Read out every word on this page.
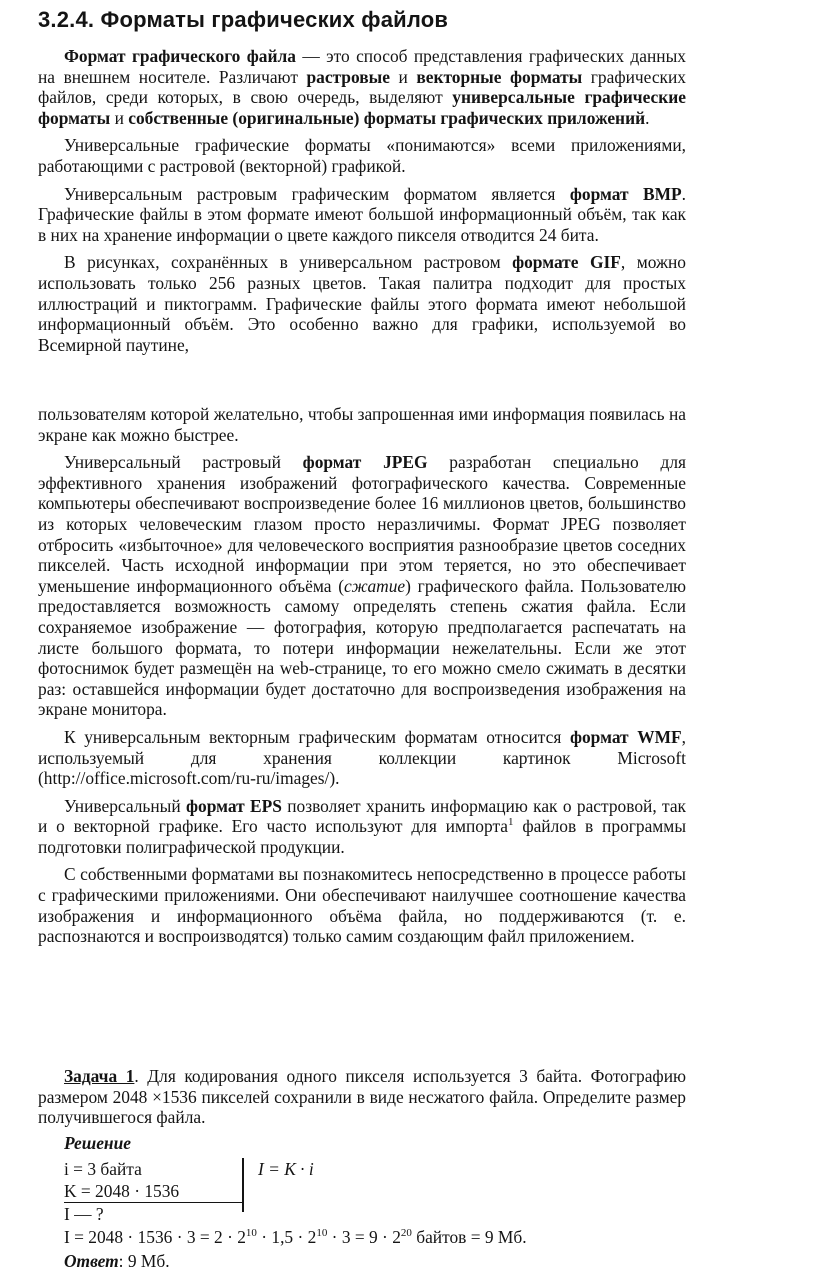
3.2.4. Форматы графических файлов

Формат графического файла — это способ представления графических данных на внешнем носителе. Различают растровые и векторные форматы графических файлов, среди которых, в свою очередь, выделяют универсальные графические форматы и собственные (оригинальные) форматы графических приложений.

Универсальные графические форматы «понимаются» всеми приложениями, работающими с растровой (векторной) графикой.

Универсальным растровым графическим форматом является формат BMP. Графические файлы в этом формате имеют большой информационный объём, так как в них на хранение информации о цвете каждого пикселя отводится 24 бита.

В рисунках, сохранённых в универсальном растровом формате GIF, можно использовать только 256 разных цветов. Такая палитра подходит для простых иллюстраций и пиктограмм. Графические файлы этого формата имеют небольшой информационный объём. Это особенно важно для графики, используемой во Всемирной паутине,

пользователям которой желательно, чтобы запрошенная ими информация появилась на экране как можно быстрее.

Универсальный растровый формат JPEG разработан специально для эффективного хранения изображений фотографического качества. Современные компьютеры обеспечивают воспроизведение более 16 миллионов цветов, большинство из которых человеческим глазом просто неразличимы. Формат JPEG позволяет отбросить «избыточное» для человеческого восприятия разнообразие цветов соседних пикселей. Часть исходной информации при этом теряется, но это обеспечивает уменьшение информационного объёма (сжатие) графического файла. Пользователю предоставляется возможность самому определять степень сжатия файла. Если сохраняемое изображение — фотография, которую предполагается распечатать на листе большого формата, то потери информации нежелательны. Если же этот фотоснимок будет размещён на web-странице, то его можно смело сжимать в десятки раз: оставшейся информации будет достаточно для воспроизведения изображения на экране монитора.

К универсальным векторным графическим форматам относится формат WMF, используемый для хранения коллекции картинок Microsoft (http://office.microsoft.com/ru-ru/images/).

Универсальный формат EPS позволяет хранить информацию как о растровой, так и о векторной графике. Его часто используют для импорта$^1$ файлов в программы подготовки полиграфической продукции.

С собственными форматами вы познакомитесь непосредственно в процессе работы с графическими приложениями. Они обеспечивают наилучшее соотношение качества изображения и информационного объёма файла, но поддерживаются (т. е. распознаются и воспроизводятся) только самим создающим файл приложением.

Задача 1. Для кодирования одного пикселя используется 3 байта. Фотографию размером 2048 ×1536 пикселей сохранили в виде несжатого файла. Определите размер получившегося файла.

Решение
i = 3 байта
K = 2048 · 1536
I — ?
I = K · i
$I = 2048 \cdot 1536 \cdot 3 = 2 \cdot 2^{10} \cdot 1,5 \cdot 2^{10} \cdot 3 = 9 \cdot 2^{20}$ байтов = 9 Мб.
Ответ: 9 Мб.
